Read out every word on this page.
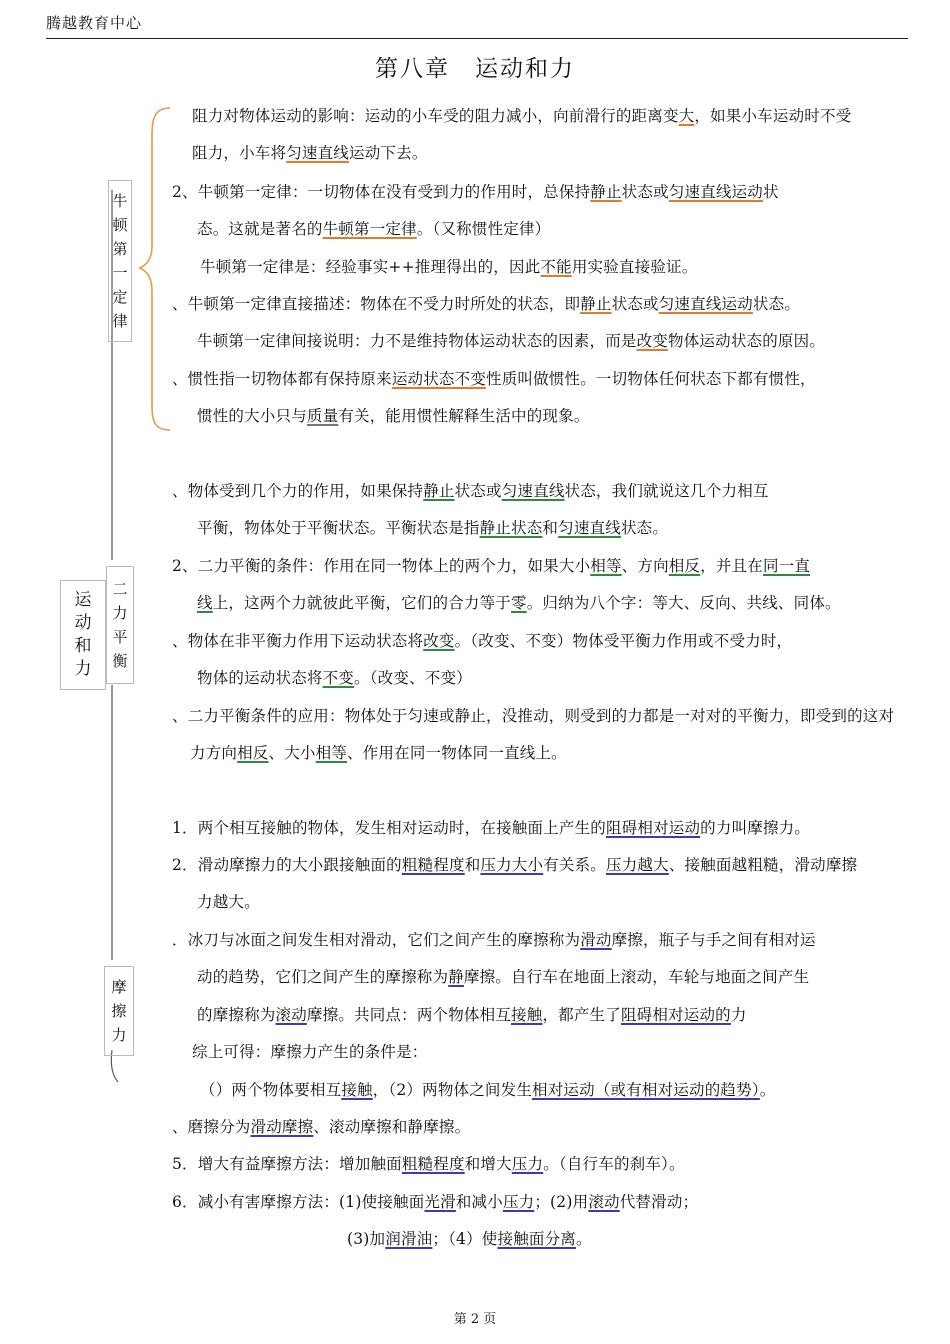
腾越教育中心
第八章　运动和力
运
动
和
力
牛
顿
第
一
定
律
二
力
平
衡
摩
擦
力
阻力对物体运动的影响：运动的小车受的阻力减小，向前滑行的距离变大，如果小车运动时不受
阻力，小车将匀速直线运动下去。
2、牛顿第一定律：一切物体在没有受到力的作用时，总保持静止状态或匀速直线运动状
态。这就是著名的牛顿第一定律。（又称惯性定律）
牛顿第一定律是：经验事实++推理得出的，因此不能用实验直接验证。
、牛顿第一定律直接描述：物体在不受力时所处的状态，即静止状态或匀速直线运动状态。
牛顿第一定律间接说明：力不是维持物体运动状态的因素，而是改变物体运动状态的原因。
、惯性指一切物体都有保持原来运动状态不变性质叫做惯性。一切物体任何状态下都有惯性，
惯性的大小只与质量有关，能用惯性解释生活中的现象。
、物体受到几个力的作用，如果保持静止状态或匀速直线状态，我们就说这几个力相互
平衡，物体处于平衡状态。平衡状态是指静止状态和匀速直线状态。
2、二力平衡的条件：作用在同一物体上的两个力，如果大小相等、方向相反，并且在同一直
线上，这两个力就彼此平衡，它们的合力等于零。归纳为八个字：等大、反向、共线、同体。
、物体在非平衡力作用下运动状态将改变。（改变、不变）物体受平衡力作用或不受力时，
物体的运动状态将不变。（改变、不变）
、二力平衡条件的应用：物体处于匀速或静止，没推动，则受到的力都是一对对的平衡力，即受到的这对
力方向相反、大小相等、作用在同一物体同一直线上。
1．两个相互接触的物体，发生相对运动时，在接触面上产生的阻碍相对运动的力叫摩擦力。
2．滑动摩擦力的大小跟接触面的粗糙程度和压力大小有关系。压力越大、接触面越粗糙，滑动摩擦
力越大。
．冰刀与冰面之间发生相对滑动，它们之间产生的摩擦称为滑动摩擦，瓶子与手之间有相对运
动的趋势，它们之间产生的摩擦称为静摩擦。自行车在地面上滚动，车轮与地面之间产生
的摩擦称为滚动摩擦。共同点：两个物体相互接触，都产生了阻碍相对运动的力
综上可得：摩擦力产生的条件是：
（）两个物体要相互接触，（2）两物体之间发生相对运动（或有相对运动的趋势）。
、磨擦分为滑动摩擦、滚动摩擦和静摩擦。
5．增大有益摩擦方法：增加触面粗糙程度和增大压力。（自行车的刹车）。
6．减小有害摩擦方法：(1)使接触面光滑和减小压力；(2)用滚动代替滑动；
(3)加润滑油；（4）使接触面分离。
第 2 页
